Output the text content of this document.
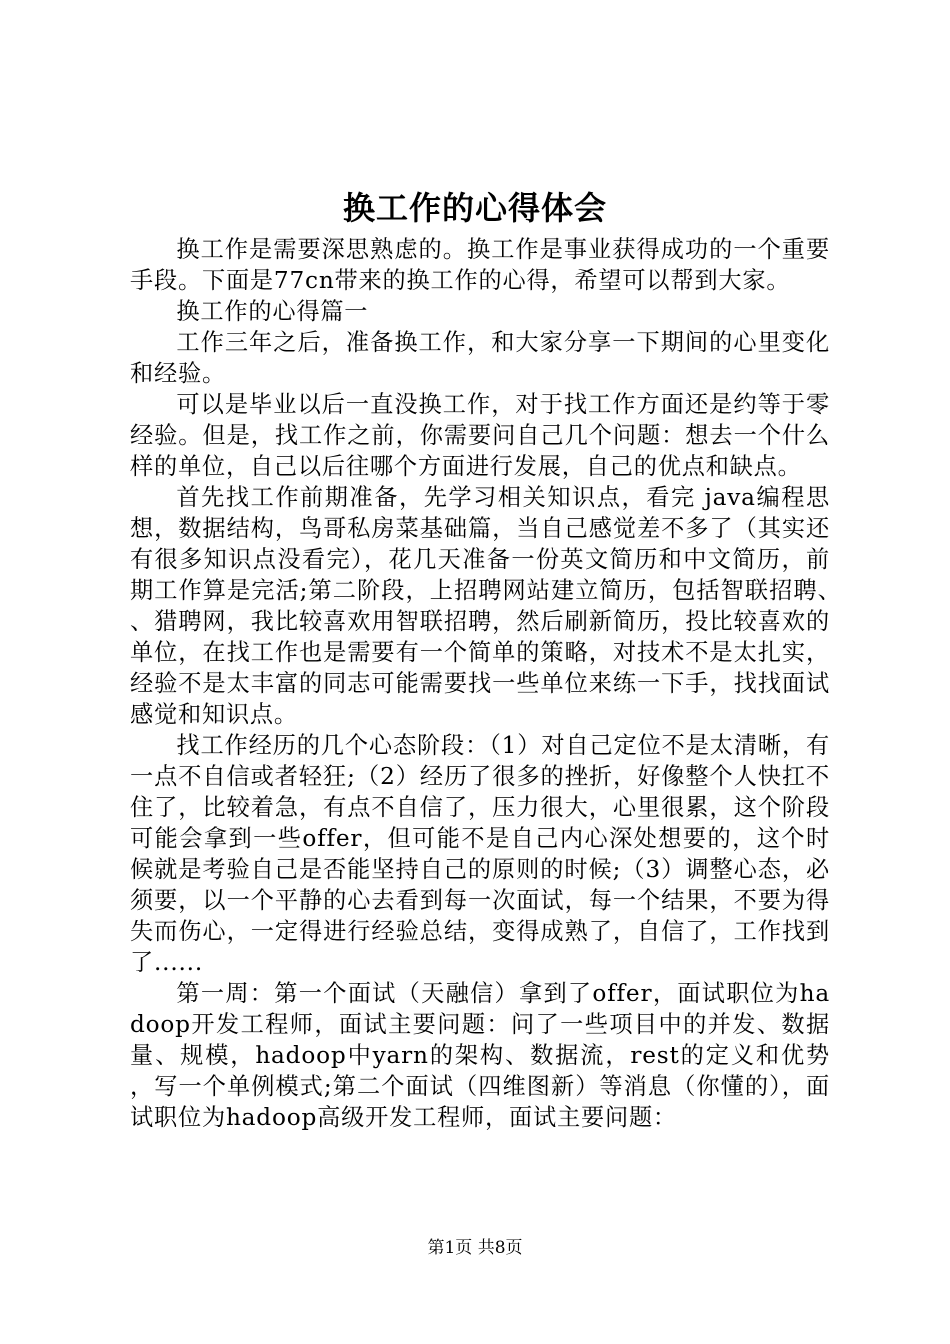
换工作的心得体会

换工作是需要深思熟虑的。换工作是事业获得成功的一个重要手段。下面是77cn带来的换工作的心得，希望可以帮到大家。

换工作的心得篇一

工作三年之后，准备换工作，和大家分享一下期间的心里变化和经验。

可以是毕业以后一直没换工作，对于找工作方面还是约等于零经验。但是，找工作之前，你需要问自己几个问题：想去一个什么样的单位，自己以后往哪个方面进行发展，自己的优点和缺点。

首先找工作前期准备，先学习相关知识点，看完 java编程思想，数据结构，鸟哥私房菜基础篇，当自己感觉差不多了（其实还有很多知识点没看完），花几天准备一份英文简历和中文简历，前期工作算是完活;第二阶段，上招聘网站建立简历，包括智联招聘、、猎聘网，我比较喜欢用智联招聘，然后刷新简历，投比较喜欢的单位，在找工作也是需要有一个简单的策略，对技术不是太扎实，经验不是太丰富的同志可能需要找一些单位来练一下手，找找面试感觉和知识点。

找工作经历的几个心态阶段：（1）对自己定位不是太清晰，有一点不自信或者轻狂;（2）经历了很多的挫折，好像整个人快扛不住了，比较着急，有点不自信了，压力很大，心里很累，这个阶段可能会拿到一些offer，但可能不是自己内心深处想要的，这个时候就是考验自己是否能坚持自己的原则的时候;（3）调整心态，必须要，以一个平静的心去看到每一次面试，每一个结果，不要为得失而伤心，一定得进行经验总结，变得成熟了，自信了，工作找到了......

第一周：第一个面试（天融信）拿到了offer，面试职位为hadoop开发工程师，面试主要问题：问了一些项目中的并发、数据量、规模，hadoop中yarn的架构、数据流，rest的定义和优势，写一个单例模式;第二个面试（四维图新）等消息（你懂的），面试职位为hadoop高级开发工程师，面试主要问题：

第1页 共8页
